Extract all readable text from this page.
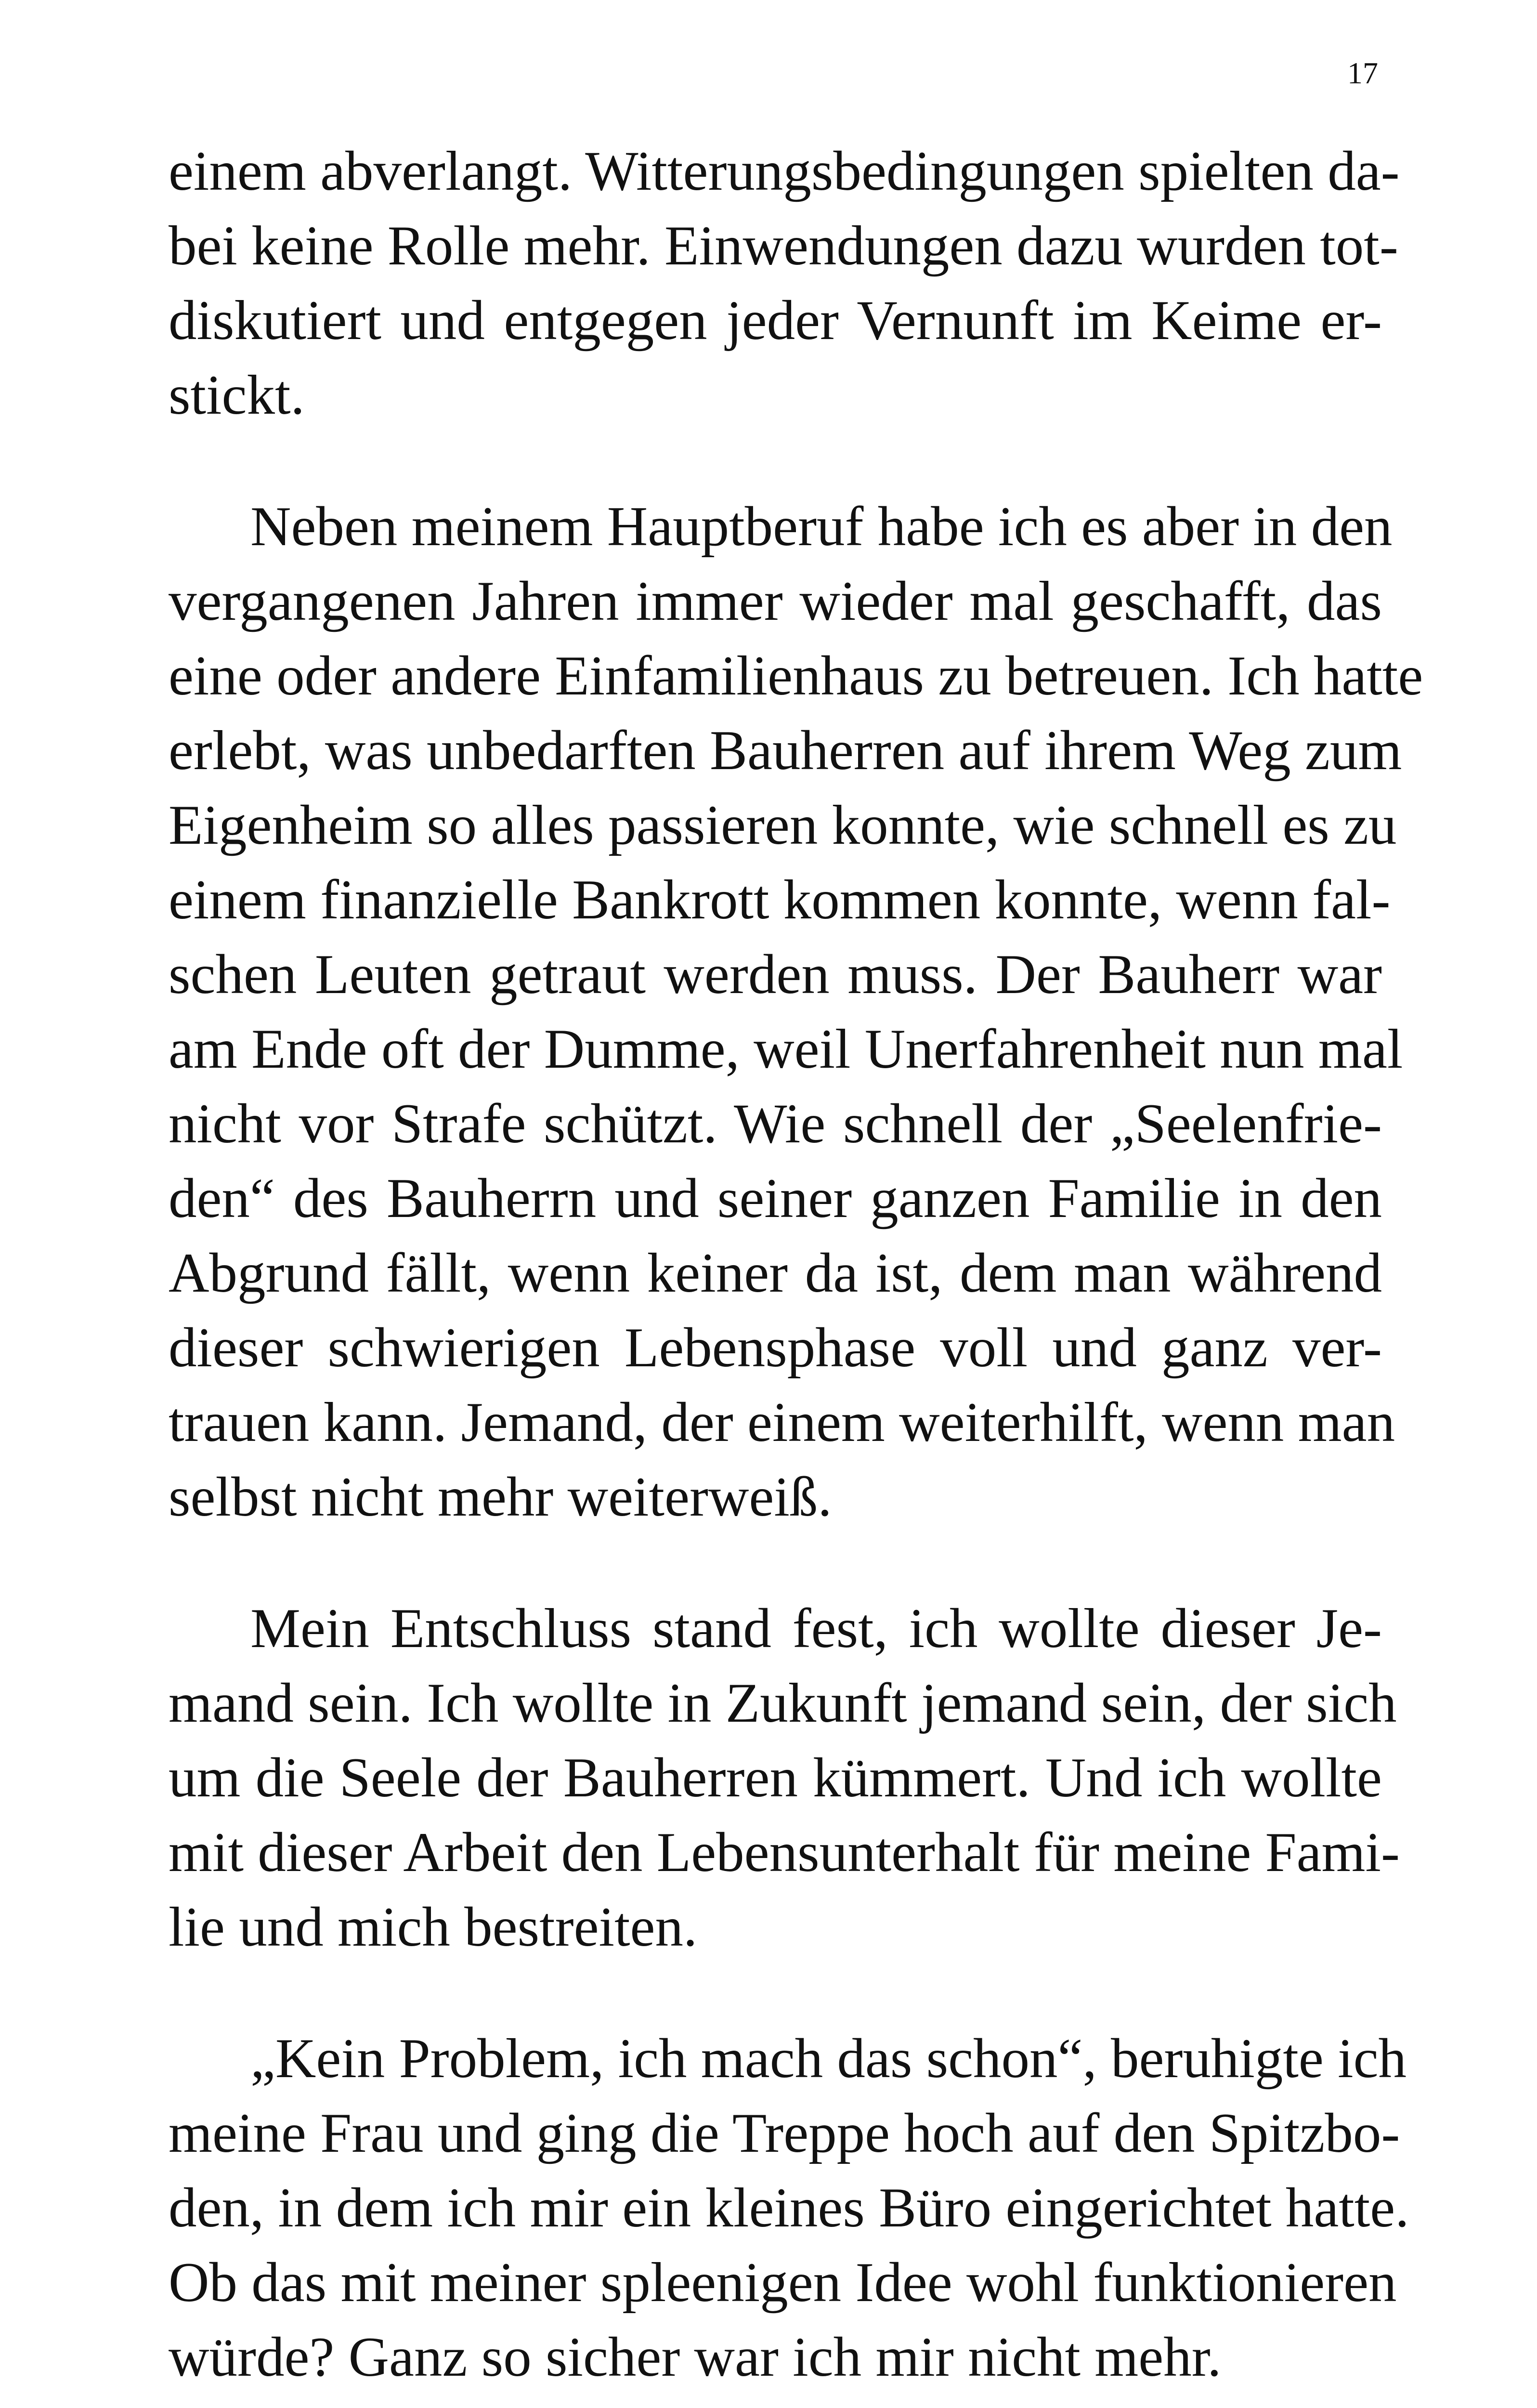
17
einem abverlangt. Witterungsbedingungen spielten da-
bei keine Rolle mehr. Einwendungen dazu wurden tot-
diskutiert und entgegen jeder Vernunft im Keime er-
stickt.
Neben meinem Hauptberuf habe ich es aber in den
vergangenen Jahren immer wieder mal geschafft, das
eine oder andere Einfamilienhaus zu betreuen. Ich hatte
erlebt, was unbedarften Bauherren auf ihrem Weg zum
Eigenheim so alles passieren konnte, wie schnell es zu
einem finanzielle Bankrott kommen konnte, wenn fal-
schen Leuten getraut werden muss. Der Bauherr war
am Ende oft der Dumme, weil Unerfahrenheit nun mal
nicht vor Strafe schützt. Wie schnell der „Seelenfrie-
den“ des Bauherrn und seiner ganzen Familie in den
Abgrund fällt, wenn keiner da ist, dem man während
dieser schwierigen Lebensphase voll und ganz ver-
trauen kann. Jemand, der einem weiterhilft, wenn man
selbst nicht mehr weiterweiß.
Mein Entschluss stand fest, ich wollte dieser Je-
mand sein. Ich wollte in Zukunft jemand sein, der sich
um die Seele der Bauherren kümmert. Und ich wollte
mit dieser Arbeit den Lebensunterhalt für meine Fami-
lie und mich bestreiten.
„Kein Problem, ich mach das schon“, beruhigte ich
meine Frau und ging die Treppe hoch auf den Spitzbo-
den, in dem ich mir ein kleines Büro eingerichtet hatte.
Ob das mit meiner spleenigen Idee wohl funktionieren
würde? Ganz so sicher war ich mir nicht mehr.
